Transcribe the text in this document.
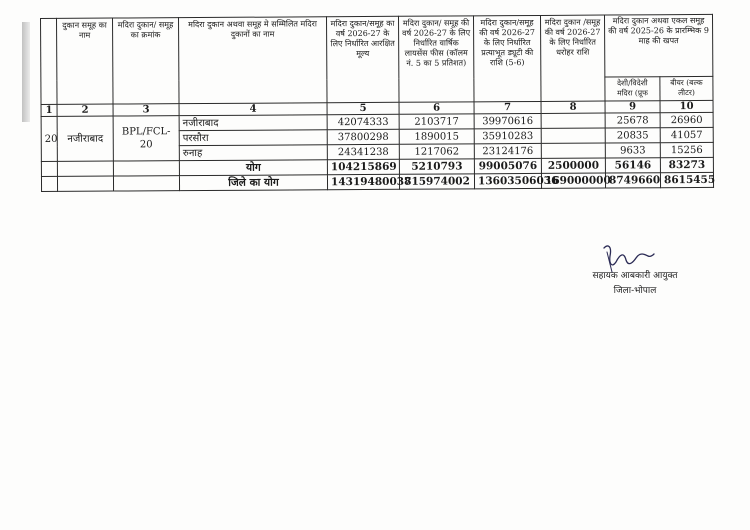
	दुकान समूह का नाम	मदिरा दुकान/ समूह का क्रमांक	मदिरा दुकान अथवा समूह मे सम्मिलित मदिरा दुकानों का नाम	मदिरा दुकान/समूह का वर्ष 2026-27 के लिए निर्धारित आरक्षित मूल्य	मदिरा दुकान/ समूह की वर्ष 2026-27 के लिए निर्धारित वार्षिक लायसेंस फीस (कॉलम नं. 5 का 5 प्रतिशत)	मदिरा दुकान/समूह की वर्ष 2026-27 के लिए निर्धारित प्रत्याभूत ड्यूटी की राशि (5-6)	मदिरा दुकान /समूह की वर्ष 2026-27 के लिए निर्धारित धरोहर राशि	मदिरा दुकान अथवा एकल समूह की वर्ष 2025-26 के प्रारम्भिक 9 माह की खपत	
								देशी/विदेशी मदिरा (प्रूफ	बीयर (बल्क लीटर)
1	2	3	4	5	6	7	8	9	10
20	नजीराबाद	BPL/FCL-20	नजीराबाद	42074333	2103717	39970616		25678	26960
			परसौरा	37800298	1890015	35910283		20835	41057
			रुनाह	24341238	1217062	23124176		9633	15256
			योग	104215869	5210793	99005076	2500000	56146	83273
			जिले का योग	14319480038	715974002	13603506036	169000000	8749660	8615455
सहायक आबकारी आयुक्त
जिला-भोपाल
